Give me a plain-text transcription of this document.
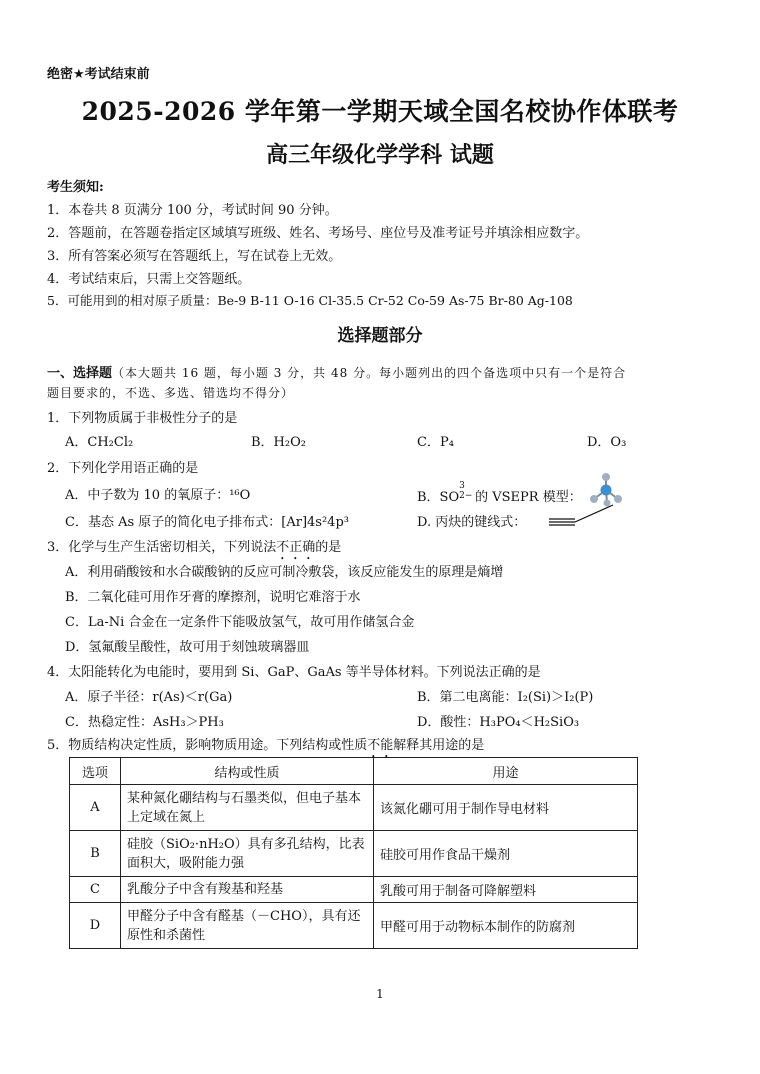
绝密★考试结束前
2025-2026 学年第一学期天域全国名校协作体联考
高三年级化学学科 试题
考生须知:
1．本卷共 8 页满分 100 分，考试时间 90 分钟。
2．答题前，在答题卷指定区域填写班级、姓名、考场号、座位号及准考证号并填涂相应数字。
3．所有答案必须写在答题纸上，写在试卷上无效。
4．考试结束后，只需上交答题纸。
5．可能用到的相对原子质量：Be-9 B-11 O-16 Cl-35.5 Cr-52 Co-59 As-75 Br-80 Ag-108
选择题部分
一、选择题（本大题共 16 题，每小题 3 分，共 48 分。每小题列出的四个备选项中只有一个是符合
题目要求的，不选、多选、错选均不得分）
1．下列物质属于非极性分子的是
A．CH₂Cl₂	B．H₂O₂	C．P₄	D．O₃
2．下列化学用语正确的是
A．中子数为 10 的氧原子：¹⁶O	B．SO3
2− 的 VSEPR 模型：
C．基态 As 原子的简化电子排布式：[Ar]4s²4p³	D. 丙炔的键线式：
3．化学与生产生活密切相关，下列说法不正确的是
A．利用硝酸铵和水合碳酸钠的反应可制冷敷袋，该反应能发生的原理是熵增
B．二氧化硅可用作牙膏的摩擦剂，说明它难溶于水
C．La-Ni 合金在一定条件下能吸放氢气，故可用作储氢合金
D．氢氟酸呈酸性，故可用于刻蚀玻璃器皿
4．太阳能转化为电能时，要用到 Si、GaP、GaAs 等半导体材料。下列说法正确的是
A．原子半径：r(As)＜r(Ga)	B．第二电离能：I₂(Si)＞I₂(P)
C．热稳定性：AsH₃＞PH₃	D．酸性：H₃PO₄＜H₂SiO₃
5．物质结构决定性质，影响物质用途。下列结构或性质不能解释其用途的是
选项	结构或性质	用途
A	某种氮化硼结构与石墨类似，但电子基本上定域在氮上	该氮化硼可用于制作导电材料
B	硅胶（SiO₂·nH₂O）具有多孔结构，比表面积大，吸附能力强	硅胶可用作食品干燥剂
C	乳酸分子中含有羧基和羟基	乳酸可用于制备可降解塑料
D	甲醛分子中含有醛基（－CHO），具有还原性和杀菌性	甲醛可用于动物标本制作的防腐剂
1
